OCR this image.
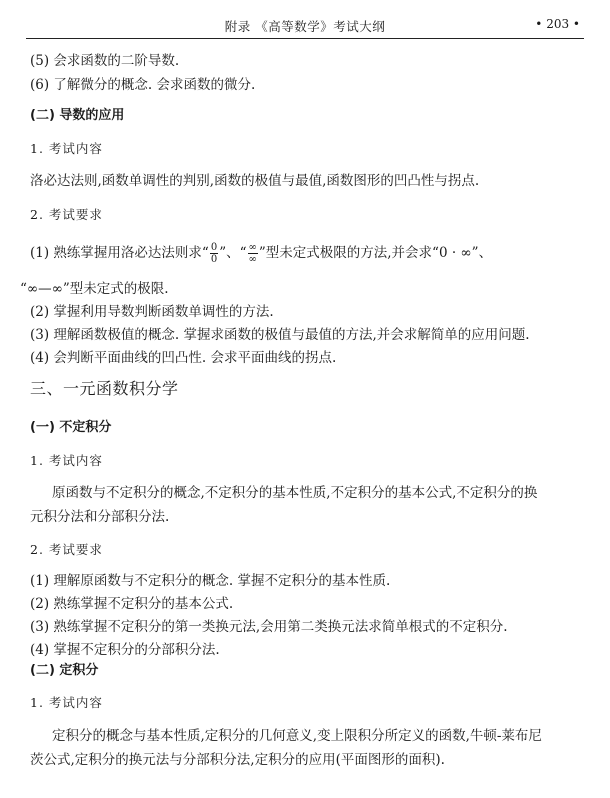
附录 《高等数学》考试大纲	• 203 •
(5) 会求函数的二阶导数.
(6) 了解微分的概念. 会求函数的微分.
(二) 导数的应用
1. 考试内容
洛必达法则,函数单调性的判别,函数的极值与最值,函数图形的凹凸性与拐点.
2. 考试要求
(1) 熟练掌握用洛必达法则求“ $\frac{0}{0}$ ”、“ $\frac{\infty}{\infty}$ ”型未定式极限的方法,并会求“0 · ∞”、
“∞—∞”型未定式的极限.
(2) 掌握利用导数判断函数单调性的方法.
(3) 理解函数极值的概念. 掌握求函数的极值与最值的方法,并会求解简单的应用问题.
(4) 会判断平面曲线的凹凸性. 会求平面曲线的拐点.
三、一元函数积分学
(一) 不定积分
1. 考试内容
原函数与不定积分的概念,不定积分的基本性质,不定积分的基本公式,不定积分的换
元积分法和分部积分法.
2. 考试要求
(1) 理解原函数与不定积分的概念. 掌握不定积分的基本性质.
(2) 熟练掌握不定积分的基本公式.
(3) 熟练掌握不定积分的第一类换元法,会用第二类换元法求简单根式的不定积分.
(4) 掌握不定积分的分部积分法.
(二) 定积分
1. 考试内容
定积分的概念与基本性质,定积分的几何意义,变上限积分所定义的函数,牛顿-莱布尼
茨公式,定积分的换元法与分部积分法,定积分的应用(平面图形的面积).
